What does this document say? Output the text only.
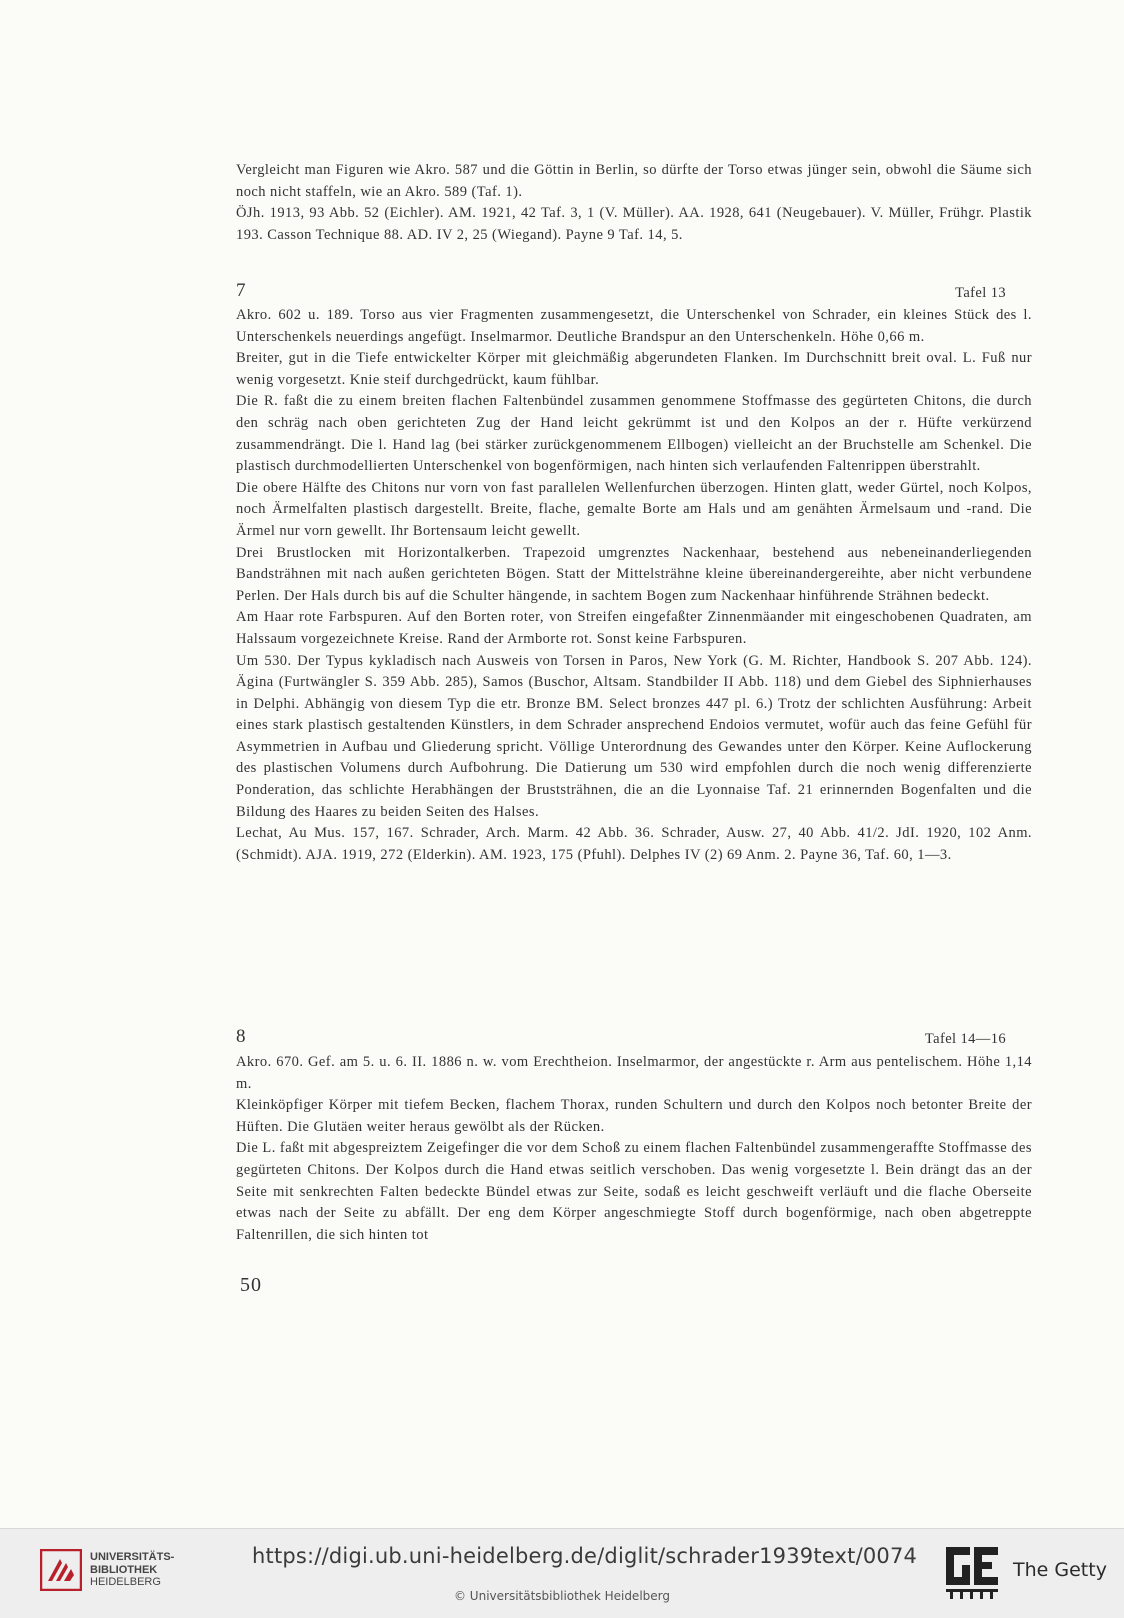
Vergleicht man Figuren wie Akro. 587 und die Göttin in Berlin, so dürfte der Torso etwas jünger sein, obwohl die Säume sich noch nicht staffeln, wie an Akro. 589 (Taf. 1).

ÖJh. 1913, 93 Abb. 52 (Eichler). AM. 1921, 42 Taf. 3, 1 (V. Müller). AA. 1928, 641 (Neugebauer). V. Müller, Frühgr. Plastik 193. Casson Technique 88. AD. IV 2, 25 (Wiegand). Payne 9 Taf. 14, 5.

7	Tafel 13

Akro. 602 u. 189. Torso aus vier Fragmenten zusammengesetzt, die Unterschenkel von Schrader, ein kleines Stück des l. Unterschenkels neuerdings angefügt. Inselmarmor. Deutliche Brandspur an den Unterschenkeln. Höhe 0,66 m.

Breiter, gut in die Tiefe entwickelter Körper mit gleichmäßig abgerundeten Flanken. Im Durchschnitt breit oval. L. Fuß nur wenig vorgesetzt. Knie steif durchgedrückt, kaum fühlbar.

Die R. faßt die zu einem breiten flachen Faltenbündel zusammen genommene Stoffmasse des gegürteten Chitons, die durch den schräg nach oben gerichteten Zug der Hand leicht gekrümmt ist und den Kolpos an der r. Hüfte verkürzend zusammendrängt. Die l. Hand lag (bei stärker zurückgenommenem Ellbogen) vielleicht an der Bruchstelle am Schenkel. Die plastisch durchmodellierten Unterschenkel von bogenförmigen, nach hinten sich verlaufenden Faltenrippen überstrahlt.

Die obere Hälfte des Chitons nur vorn von fast parallelen Wellenfurchen überzogen. Hinten glatt, weder Gürtel, noch Kolpos, noch Ärmelfalten plastisch dargestellt. Breite, flache, gemalte Borte am Hals und am genähten Ärmelsaum und -rand. Die Ärmel nur vorn gewellt. Ihr Bortensaum leicht gewellt.

Drei Brustlocken mit Horizontalkerben. Trapezoid umgrenztes Nackenhaar, bestehend aus nebeneinanderliegenden Bandsträhnen mit nach außen gerichteten Bögen. Statt der Mittelsträhne kleine übereinandergereihte, aber nicht verbundene Perlen. Der Hals durch bis auf die Schulter hängende, in sachtem Bogen zum Nackenhaar hinführende Strähnen bedeckt.

Am Haar rote Farbspuren. Auf den Borten roter, von Streifen eingefaßter Zinnenmäander mit eingeschobenen Quadraten, am Halssaum vorgezeichnete Kreise. Rand der Armborte rot. Sonst keine Farbspuren.

Um 530. Der Typus kykladisch nach Ausweis von Torsen in Paros, New York (G. M. Richter, Handbook S. 207 Abb. 124). Ägina (Furtwängler S. 359 Abb. 285), Samos (Buschor, Altsam. Standbilder II Abb. 118) und dem Giebel des Siphnierhauses in Delphi. Abhängig von diesem Typ die etr. Bronze BM. Select bronzes 447 pl. 6.) Trotz der schlichten Ausführung: Arbeit eines stark plastisch gestaltenden Künstlers, in dem Schrader ansprechend Endoios vermutet, wofür auch das feine Gefühl für Asymmetrien in Aufbau und Gliederung spricht. Völlige Unterordnung des Gewandes unter den Körper. Keine Auflockerung des plastischen Volumens durch Aufbohrung. Die Datierung um 530 wird empfohlen durch die noch wenig differenzierte Ponderation, das schlichte Herabhängen der Bruststrähnen, die an die Lyonnaise Taf. 21 erinnernden Bogenfalten und die Bildung des Haares zu beiden Seiten des Halses.

Lechat, Au Mus. 157, 167. Schrader, Arch. Marm. 42 Abb. 36. Schrader, Ausw. 27, 40 Abb. 41/2. JdI. 1920, 102 Anm. (Schmidt). AJA. 1919, 272 (Elderkin). AM. 1923, 175 (Pfuhl). Delphes IV (2) 69 Anm. 2. Payne 36, Taf. 60, 1—3.

8	Tafel 14—16

Akro. 670. Gef. am 5. u. 6. II. 1886 n. w. vom Erechtheion. Inselmarmor, der angestückte r. Arm aus pentelischem. Höhe 1,14 m.

Kleinköpfiger Körper mit tiefem Becken, flachem Thorax, runden Schultern und durch den Kolpos noch betonter Breite der Hüften. Die Glutäen weiter heraus gewölbt als der Rücken.

Die L. faßt mit abgespreiztem Zeigefinger die vor dem Schoß zu einem flachen Faltenbündel zusammengeraffte Stoffmasse des gegürteten Chitons. Der Kolpos durch die Hand etwas seitlich verschoben. Das wenig vorgesetzte l. Bein drängt das an der Seite mit senkrechten Falten bedeckte Bündel etwas zur Seite, sodaß es leicht geschweift verläuft und die flache Oberseite etwas nach der Seite zu abfällt. Der eng dem Körper angeschmiegte Stoff durch bogenförmige, nach oben abgetreppte Faltenrillen, die sich hinten tot

50
UNIVERSITÄTS-
BIBLIOTHEK
HEIDELBERG
https://digi.ub.uni-heidelberg.de/diglit/schrader1939text/0074
© Universitätsbibliothek Heidelberg
The Getty
